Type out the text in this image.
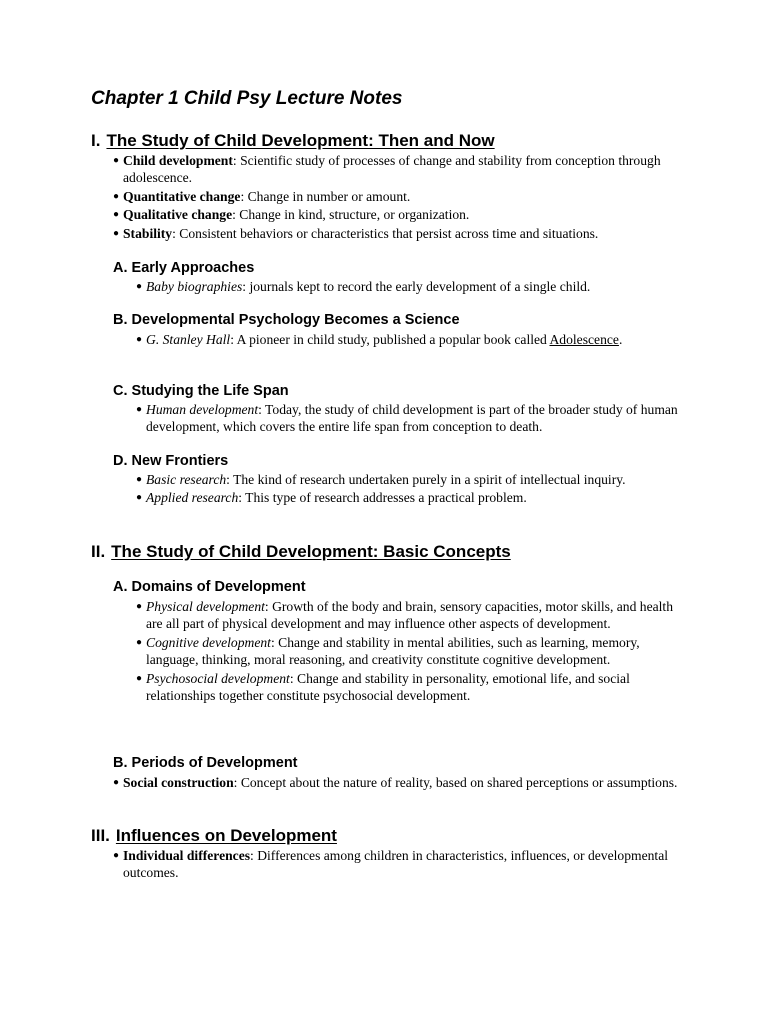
Chapter 1 Child Psy Lecture Notes
I. The Study of Child Development: Then and Now
● Child development: Scientific study of processes of change and stability from conception through adolescence.
● Quantitative change: Change in number or amount.
● Qualitative change: Change in kind, structure, or organization.
● Stability: Consistent behaviors or characteristics that persist across time and situations.
A. Early Approaches
● Baby biographies: journals kept to record the early development of a single child.
B. Developmental Psychology Becomes a Science
● G. Stanley Hall: A pioneer in child study, published a popular book called Adolescence.
C. Studying the Life Span
● Human development: Today, the study of child development is part of the broader study of human development, which covers the entire life span from conception to death.
D. New Frontiers
● Basic research: The kind of research undertaken purely in a spirit of intellectual inquiry.
● Applied research: This type of research addresses a practical problem.
II. The Study of Child Development: Basic Concepts
A. Domains of Development
● Physical development: Growth of the body and brain, sensory capacities, motor skills, and health are all part of physical development and may influence other aspects of development.
● Cognitive development: Change and stability in mental abilities, such as learning, memory, language, thinking, moral reasoning, and creativity constitute cognitive development.
● Psychosocial development: Change and stability in personality, emotional life, and social relationships together constitute psychosocial development.
B. Periods of Development
● Social construction: Concept about the nature of reality, based on shared perceptions or assumptions.
III. Influences on Development
● Individual differences: Differences among children in characteristics, influences, or developmental outcomes.
